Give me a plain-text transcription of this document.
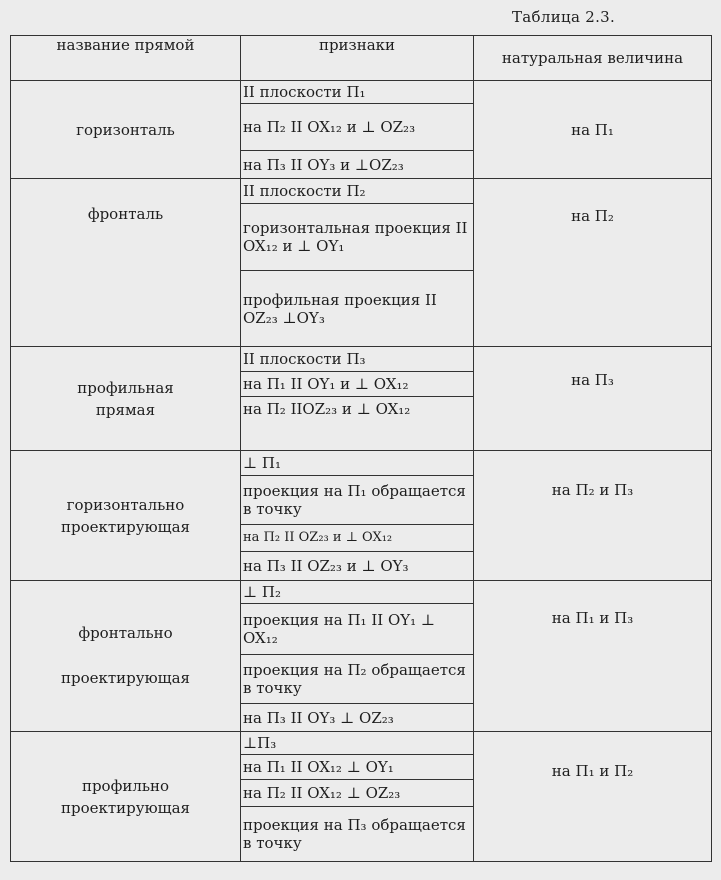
Таблица 2.3.
название прямой	признаки	натуральная величина
горизонталь	
II плоскости П₁
на П₂ II OX₁₂ и ⊥ OZ₂₃
на П₃ II OY₃ и ⊥OZ₂₃
	на П₁
фронталь	
II плоскости П₂
горизонтальная проекция II OX₁₂ и ⊥ OY₁
профильная проекция II OZ₂₃ ⊥OY₃
	на П₂
профильная прямая	
II плоскости П₃
на П₁ II OY₁ и ⊥ OX₁₂
на П₂ IIOZ₂₃ и ⊥ OX₁₂
	на П₃
горизонтально проектирующая	
⊥ П₁
проекция на П₁ обращается в точку
на П₂ II OZ₂₃ и ⊥ OX₁₂
на П₃ II OZ₂₃ и ⊥ OY₃
	на П₂ и П₃
фронтально проектирующая	
⊥ П₂
проекция на П₁ II OY₁ ⊥ OX₁₂
проекция на П₂ обращается в точку
на П₃ II OY₃ ⊥ OZ₂₃
	на П₁ и П₃
профильно проектирующая	
⊥П₃
на П₁ II OX₁₂ ⊥ OY₁
на П₂ II OX₁₂ ⊥ OZ₂₃
проекция на П₃ обращается в точку
	на П₁ и П₂
